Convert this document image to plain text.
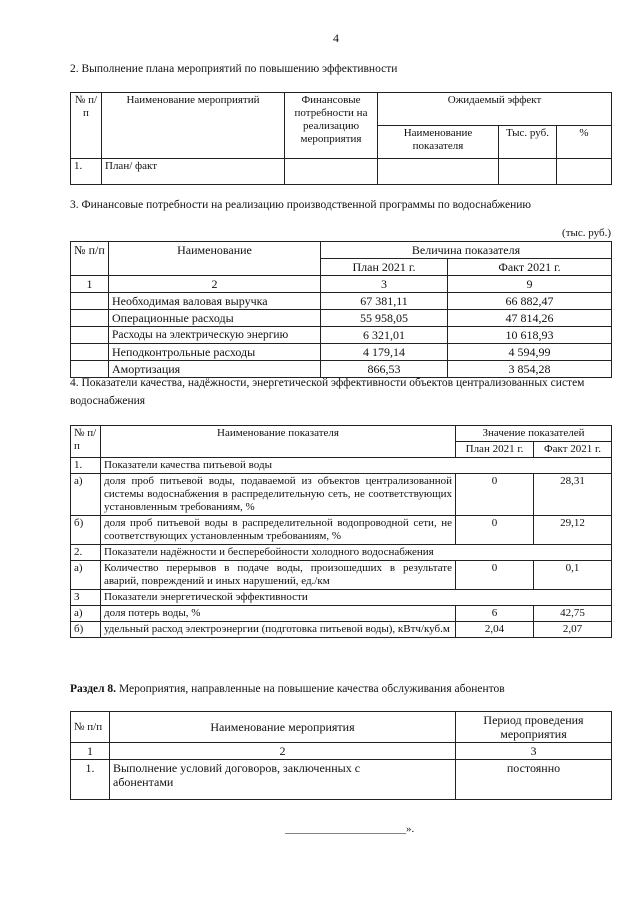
4
2. Выполнение плана мероприятий по повышению эффективности
№ п/п	Наименование мероприятий	Финансовые потребности на реализацию мероприятия	Ожидаемый эффект		
			Наименование показателя	Тыс. руб.	%
1.	План/ факт				
3. Финансовые потребности на реализацию производственной программы по водоснабжению
(тыс. руб.)
№ п/п	Наименование	Величина показателя	
		План 2021 г.	Факт 2021 г.
1	2	3	9
	Необходимая валовая выручка	67 381,11	66 882,47
	Операционные расходы	55 958,05	47 814,26
	Расходы на электрическую энергию	6 321,01	10 618,93
	Неподконтрольные расходы	4 179,14	4 594,99
	Амортизация	866,53	3 854,28
4. Показатели качества, надёжности, энергетической эффективности объектов централизованных систем водоснабжения
№ п/п	Наименование показателя	Значение показателей	
		План 2021 г.	Факт 2021 г.
1.	Показатели качества питьевой воды		
а)	доля проб питьевой воды, подаваемой из объектов централизованной системы водоснабжения в распределительную сеть, не соответствующих установленным требованиям, %	0	28,31
б)	доля проб питьевой воды в распределительной водопроводной сети, не соответствующих установленным требованиям, %	0	29,12
2.	Показатели надёжности и бесперебойности холодного водоснабжения		
а)	Количество перерывов в подаче воды, произошедших в результате аварий, повреждений и иных нарушений, ед./км	0	0,1
3	Показатели энергетической эффективности		
а)	доля потерь воды, %	6	42,75
б)	удельный расход электроэнергии (подготовка питьевой воды), кВтч/куб.м	2,04	2,07
Раздел 8. Мероприятия, направленные на повышение качества обслуживания абонентов
№ п/п	Наименование мероприятия	Период проведения мероприятия
1	2	3
1.	Выполнение условий договоров, заключенных с абонентами	постоянно
______________________».
